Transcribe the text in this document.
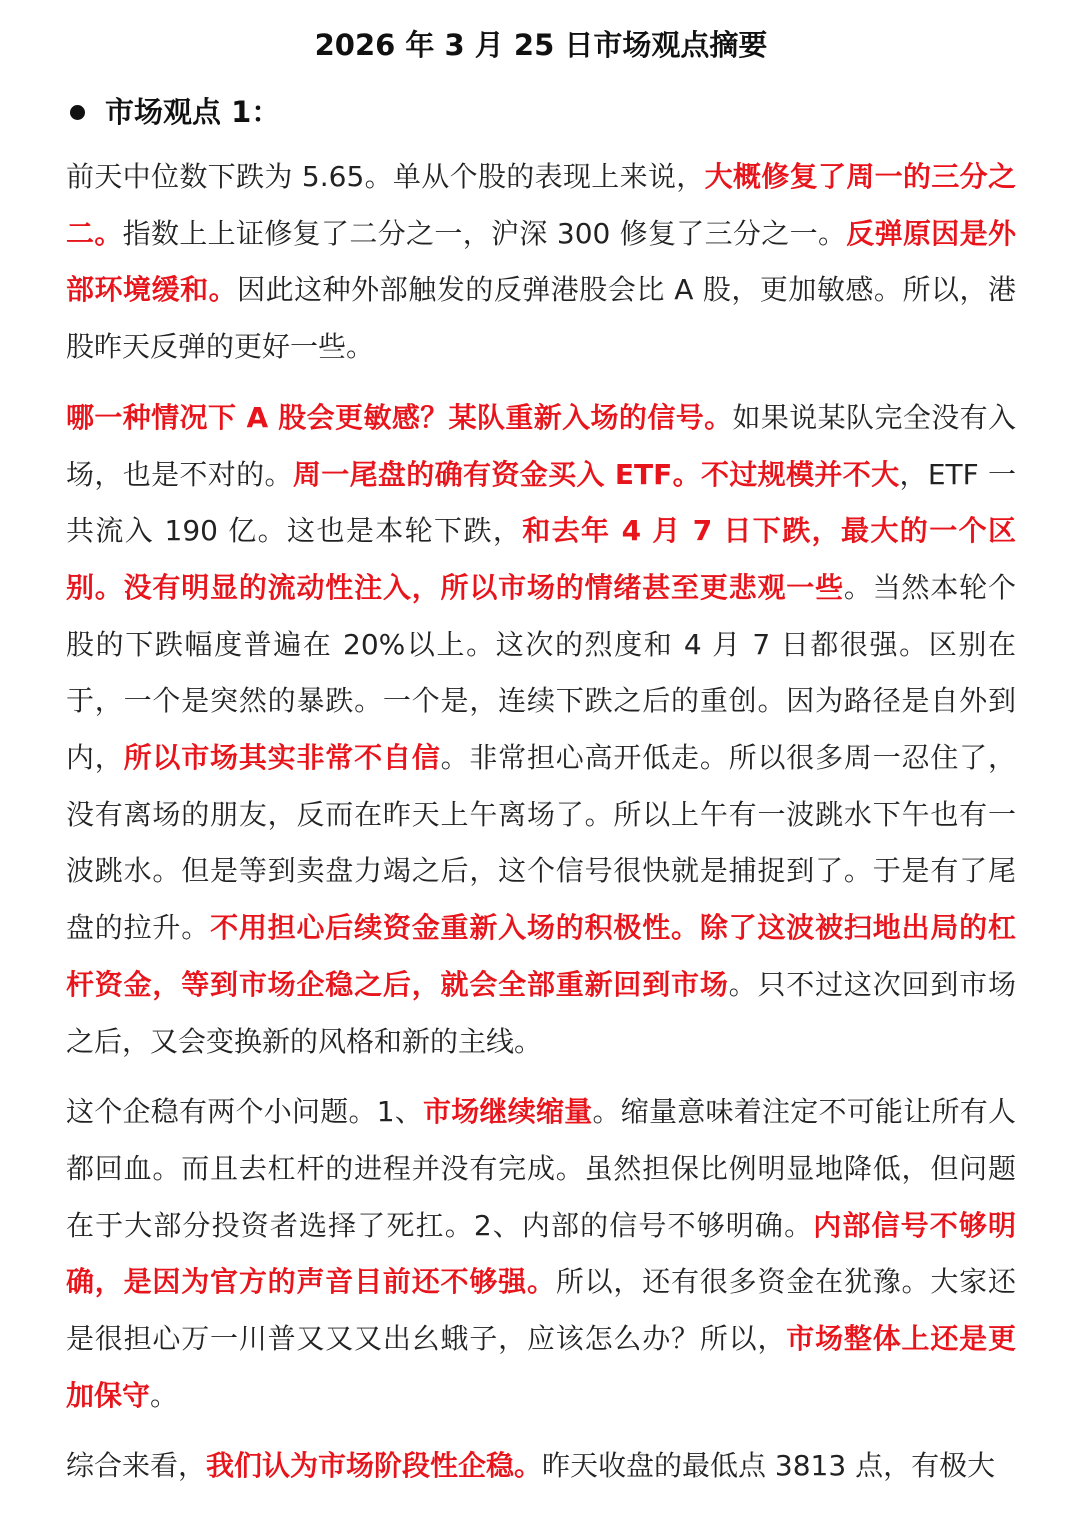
2026 年 3 月 25 日市场观点摘要
市场观点 1：

前天中位数下跌为 5.65。单从个股的表现上来说，大概修复了周一的三分之二。指数上上证修复了二分之一，沪深 300 修复了三分之一。反弹原因是外部环境缓和。因此这种外部触发的反弹港股会比 A 股，更加敏感。所以，港股昨天反弹的更好一些。

哪一种情况下 A 股会更敏感？某队重新入场的信号。如果说某队完全没有入场，也是不对的。周一尾盘的确有资金买入 ETF。不过规模并不大，ETF 一共流入 190 亿。这也是本轮下跌，和去年 4 月 7 日下跌，最大的一个区别。没有明显的流动性注入，所以市场的情绪甚至更悲观一些。当然本轮个股的下跌幅度普遍在 20%以上。这次的烈度和 4 月 7 日都很强。区别在于，一个是突然的暴跌。一个是，连续下跌之后的重创。因为路径是自外到内，所以市场其实非常不自信。非常担心高开低走。所以很多周一忍住了，没有离场的朋友，反而在昨天上午离场了。所以上午有一波跳水下午也有一波跳水。但是等到卖盘力竭之后，这个信号很快就是捕捉到了。于是有了尾盘的拉升。不用担心后续资金重新入场的积极性。除了这波被扫地出局的杠杆资金，等到市场企稳之后，就会全部重新回到市场。只不过这次回到市场之后，又会变换新的风格和新的主线。

这个企稳有两个小问题。1、市场继续缩量。缩量意味着注定不可能让所有人都回血。而且去杠杆的进程并没有完成。虽然担保比例明显地降低，但问题在于大部分投资者选择了死扛。2、内部的信号不够明确。内部信号不够明确，是因为官方的声音目前还不够强。所以，还有很多资金在犹豫。大家还是很担心万一川普又又又出幺蛾子，应该怎么办？所以，市场整体上还是更加保守。

综合来看，我们认为市场阶段性企稳。昨天收盘的最低点 3813 点，有极大
